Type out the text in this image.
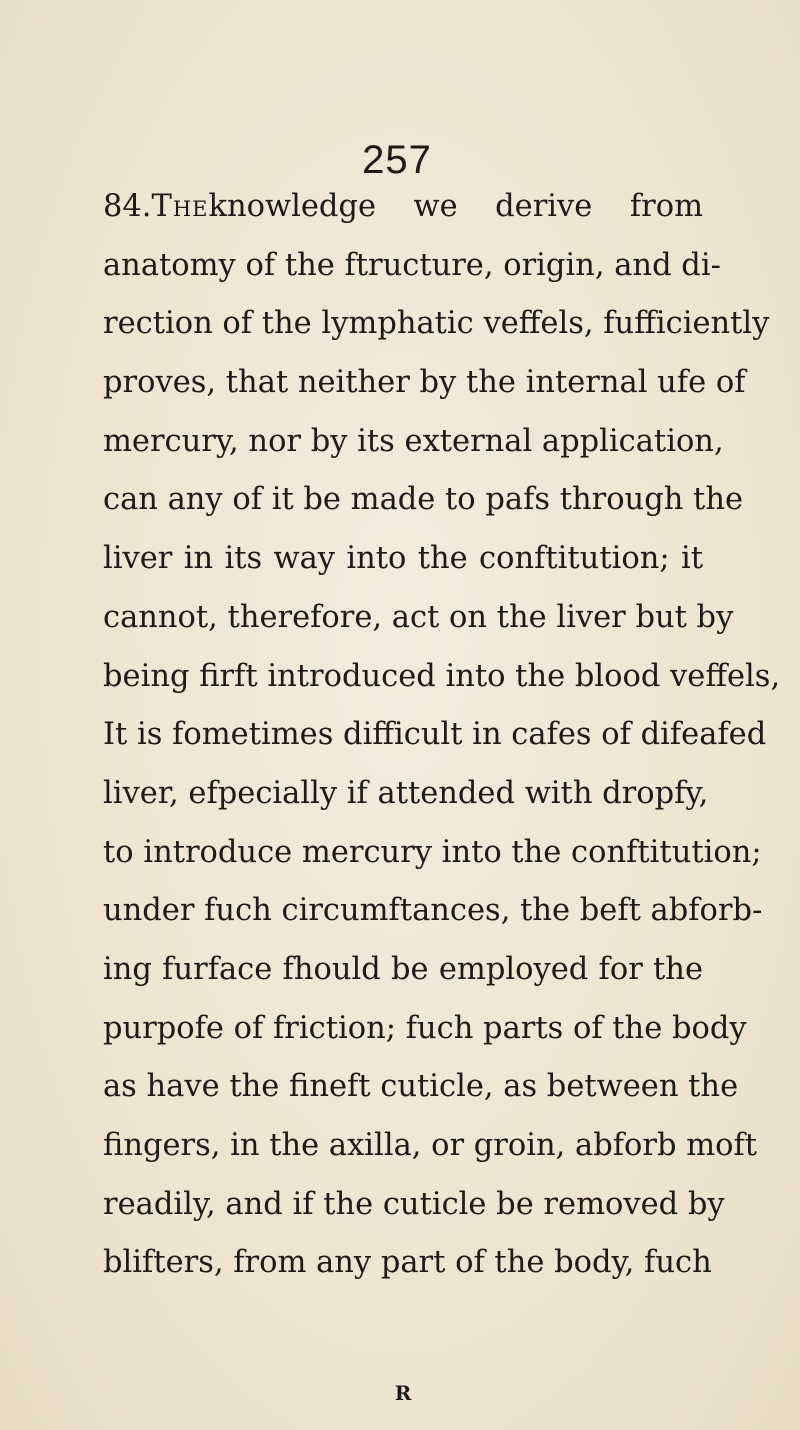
257
84. The knowledge we derive from
anatomy of the ftructure, origin, and di-
rection of the lymphatic veffels, fufficiently
proves, that neither by the internal ufe of
mercury, nor by its external application,
can any of it be made to pafs through the
liver in its way into the conftitution; it
cannot, therefore, act on the liver but by
being firft introduced into the blood veffels,
It is fometimes difficult in cafes of difeafed
liver, efpecially if attended with dropfy,
to introduce mercury into the conftitution;
under fuch circumftances, the beft abforb-
ing furface fhould be employed for the
purpofe of friction; fuch parts of the body
as have the fineft cuticle, as between the
fingers, in the axilla, or groin, abforb moft
readily, and if the cuticle be removed by
blifters, from any part of the body, fuch
R
